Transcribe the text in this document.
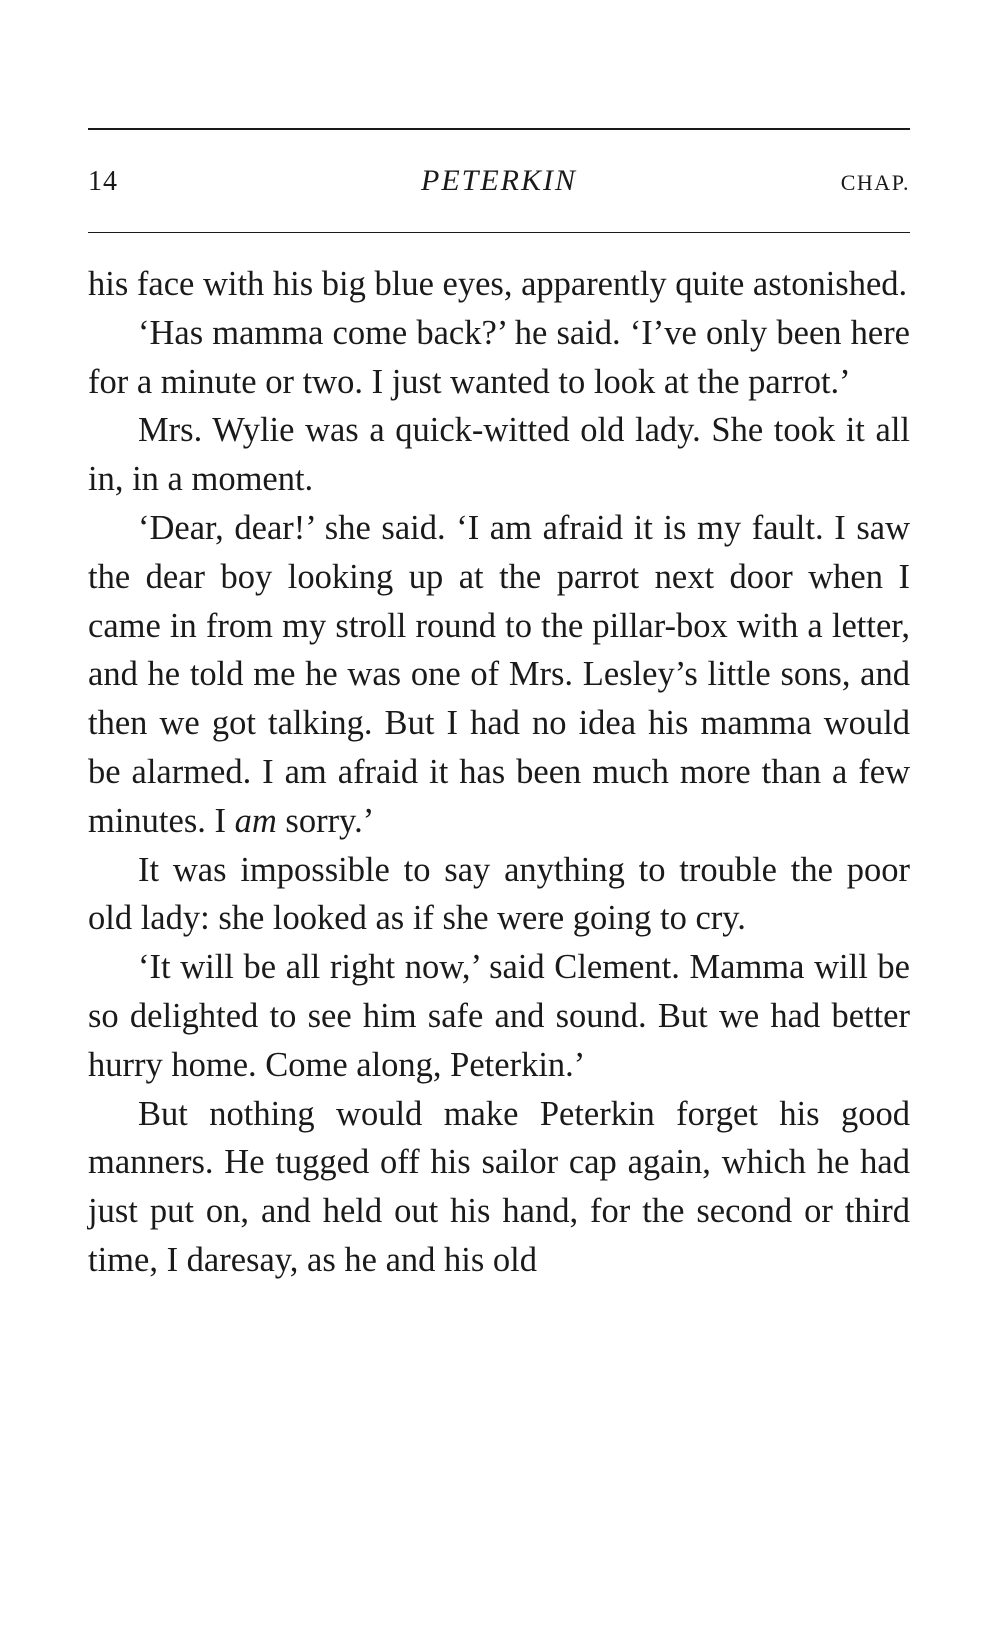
14	PETERKIN	CHAP.

his face with his big blue eyes, apparently quite astonished.

‘Has mamma come back?’ he said. ‘I’ve only been here for a minute or two. I just wanted to look at the parrot.’

Mrs. Wylie was a quick-witted old lady. She took it all in, in a moment.

‘Dear, dear!’ she said. ‘I am afraid it is my fault. I saw the dear boy looking up at the parrot next door when I came in from my stroll round to the pillar-box with a letter, and he told me he was one of Mrs. Lesley’s little sons, and then we got talking. But I had no idea his mamma would be alarmed. I am afraid it has been much more than a few minutes. I am sorry.’

It was impossible to say anything to trouble the poor old lady: she looked as if she were going to cry.

‘It will be all right now,’ said Clement. Mamma will be so delighted to see him safe and sound. But we had better hurry home. Come along, Peterkin.’

But nothing would make Peterkin forget his good manners. He tugged off his sailor cap again, which he had just put on, and held out his hand, for the second or third time, I daresay, as he and his old
